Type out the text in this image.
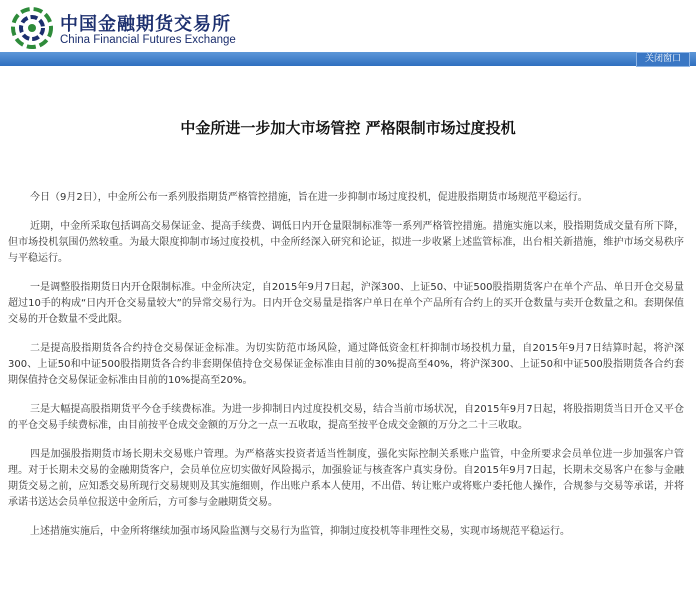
中国金融期货交易所
China Financial Futures Exchange
关闭窗口
中金所进一步加大市场管控 严格限制市场过度投机

今日（9月2日），中金所公布一系列股指期货严格管控措施，旨在进一步抑制市场过度投机，促进股指期货市场规范平稳运行。

近期，中金所采取包括调高交易保证金、提高手续费、调低日内开仓量限制标准等一系列严格管控措施。措施实施以来，股指期货成交量有所下降，但市场投机氛围仍然较重。为最大限度抑制市场过度投机，中金所经深入研究和论证，拟进一步收紧上述监管标准，出台相关新措施，维护市场交易秩序与平稳运行。

一是调整股指期货日内开仓限制标准。中金所决定，自2015年9月7日起，沪深300、上证50、中证500股指期货客户在单个产品、单日开仓交易量超过10手的构成“日内开仓交易量较大”的异常交易行为。日内开仓交易量是指客户单日在单个产品所有合约上的买开仓数量与卖开仓数量之和。套期保值交易的开仓数量不受此限。

二是提高股指期货各合约持仓交易保证金标准。为切实防范市场风险，通过降低资金杠杆抑制市场投机力量，自2015年9月7日结算时起，将沪深300、上证50和中证500股指期货各合约非套期保值持仓交易保证金标准由目前的30%提高至40%，将沪深300、上证50和中证500股指期货各合约套期保值持仓交易保证金标准由目前的10%提高至20%。

三是大幅提高股指期货平今仓手续费标准。为进一步抑制日内过度投机交易，结合当前市场状况，自2015年9月7日起，将股指期货当日开仓又平仓的平仓交易手续费标准，由目前按平仓成交金额的万分之一点一五收取，提高至按平仓成交金额的万分之二十三收取。

四是加强股指期货市场长期未交易账户管理。为严格落实投资者适当性制度，强化实际控制关系账户监管，中金所要求会员单位进一步加强客户管理。对于长期未交易的金融期货客户，会员单位应切实做好风险揭示，加强验证与核查客户真实身份。自2015年9月7日起，长期未交易客户在参与金融期货交易之前，应知悉交易所现行交易规则及其实施细则，作出账户系本人使用，不出借、转让账户或将账户委托他人操作，合规参与交易等承诺，并将承诺书送达会员单位报送中金所后，方可参与金融期货交易。

上述措施实施后，中金所将继续加强市场风险监测与交易行为监管，抑制过度投机等非理性交易，实现市场规范平稳运行。
